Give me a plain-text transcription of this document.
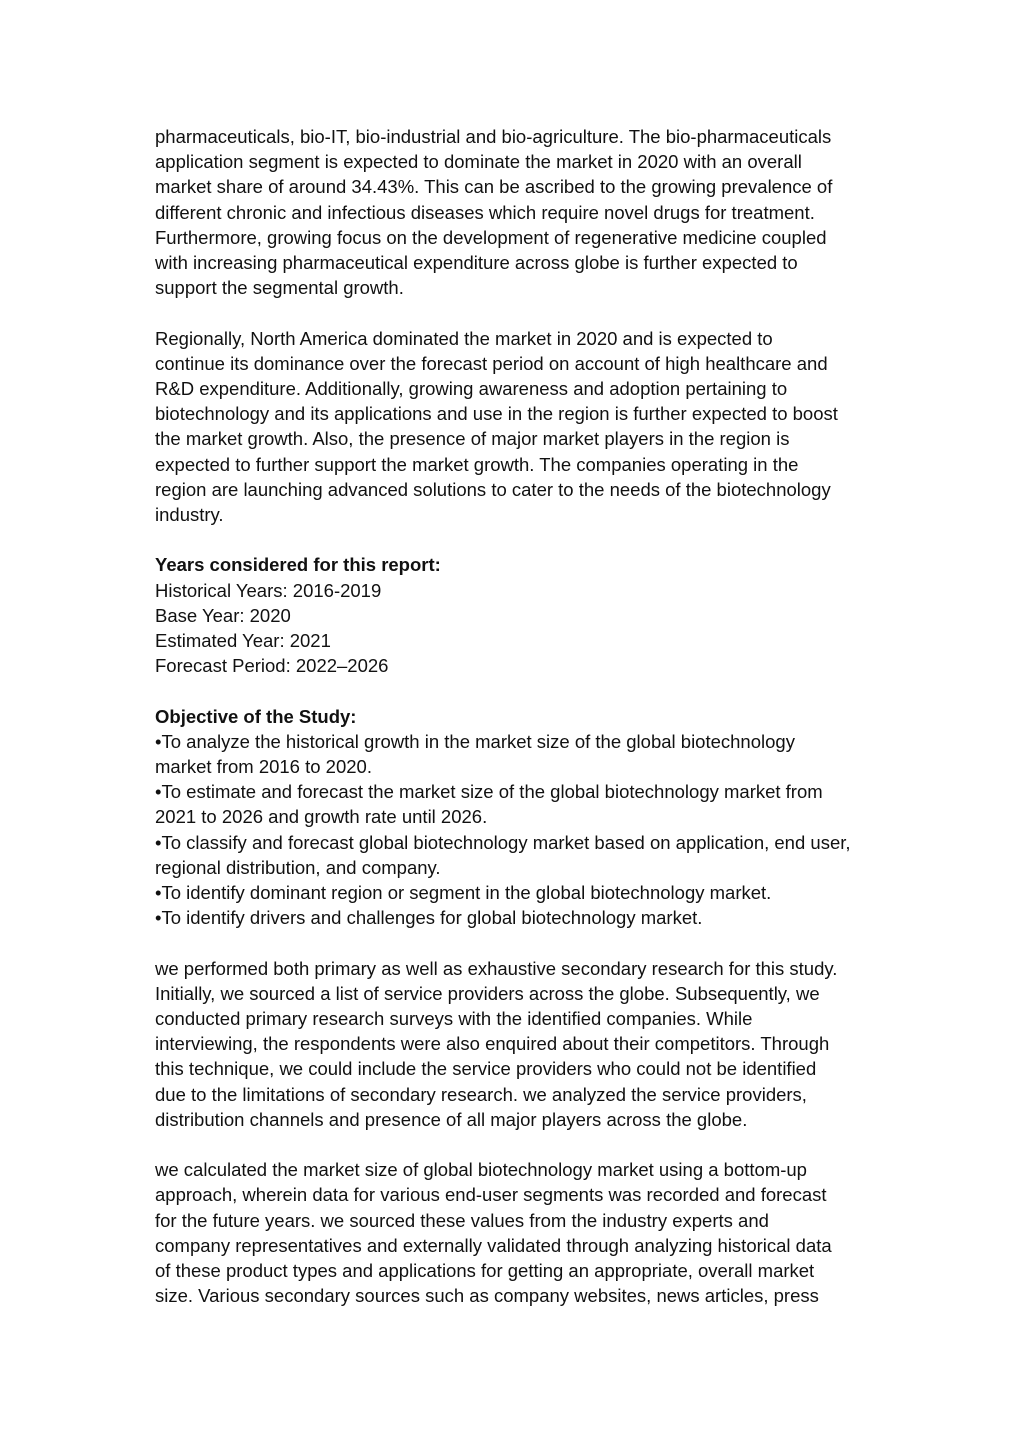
pharmaceuticals, bio-IT, bio-industrial and bio-agriculture. The bio-pharmaceuticals
application segment is expected to dominate the market in 2020 with an overall
market share of around 34.43%. This can be ascribed to the growing prevalence of
different chronic and infectious diseases which require novel drugs for treatment.
Furthermore, growing focus on the development of regenerative medicine coupled
with increasing pharmaceutical expenditure across globe is further expected to
support the segmental growth.
Regionally, North America dominated the market in 2020 and is expected to
continue its dominance over the forecast period on account of high healthcare and
R&D expenditure. Additionally, growing awareness and adoption pertaining to
biotechnology and its applications and use in the region is further expected to boost
the market growth. Also, the presence of major market players in the region is
expected to further support the market growth. The companies operating in the
region are launching advanced solutions to cater to the needs of the biotechnology
industry.
Years considered for this report:
Historical Years: 2016-2019
Base Year: 2020
Estimated Year: 2021
Forecast Period: 2022–2026
Objective of the Study:
•To analyze the historical growth in the market size of the global biotechnology
market from 2016 to 2020.
•To estimate and forecast the market size of the global biotechnology market from
2021 to 2026 and growth rate until 2026.
•To classify and forecast global biotechnology market based on application, end user,
regional distribution, and company.
•To identify dominant region or segment in the global biotechnology market.
•To identify drivers and challenges for global biotechnology market.
we performed both primary as well as exhaustive secondary research for this study.
Initially, we sourced a list of service providers across the globe. Subsequently, we
conducted primary research surveys with the identified companies. While
interviewing, the respondents were also enquired about their competitors. Through
this technique, we could include the service providers who could not be identified
due to the limitations of secondary research. we analyzed the service providers,
distribution channels and presence of all major players across the globe.
we calculated the market size of global biotechnology market using a bottom-up
approach, wherein data for various end-user segments was recorded and forecast
for the future years. we sourced these values from the industry experts and
company representatives and externally validated through analyzing historical data
of these product types and applications for getting an appropriate, overall market
size. Various secondary sources such as company websites, news articles, press
